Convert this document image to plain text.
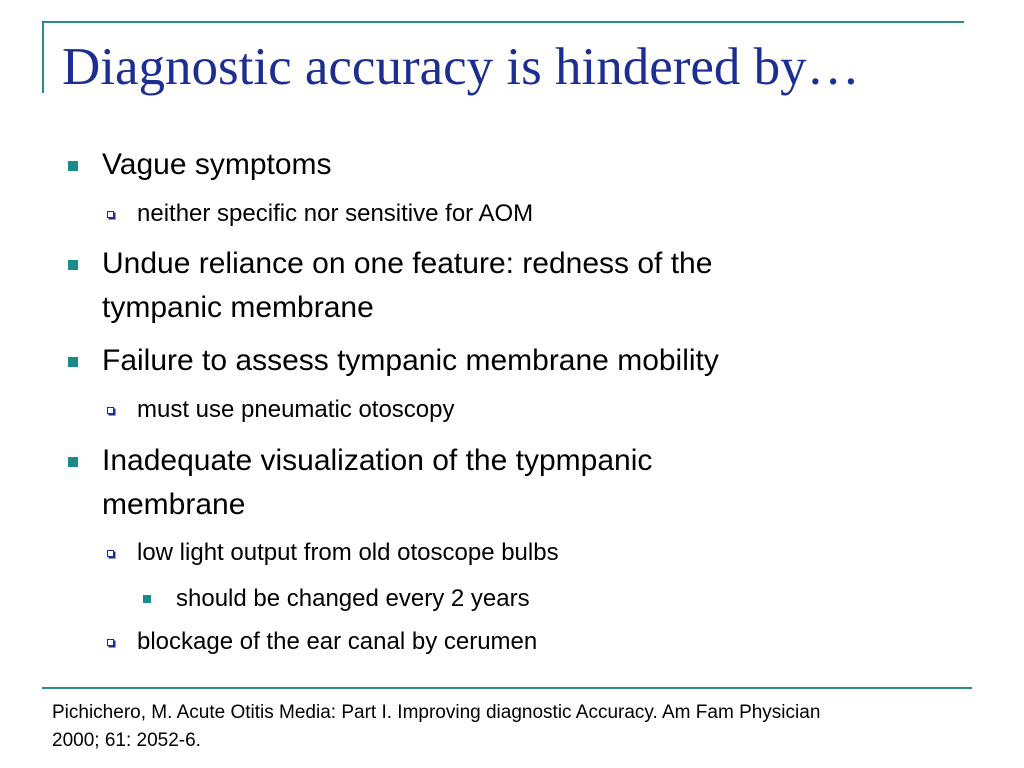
Diagnostic accuracy is hindered by…
Vague symptoms
neither specific nor sensitive for AOM
Undue reliance on one feature: redness of the
tympanic membrane
Failure to assess tympanic membrane mobility
must use pneumatic otoscopy
Inadequate visualization of the typmpanic
membrane
low light output from old otoscope bulbs
should be changed every 2 years
blockage of the ear canal by cerumen
Pichichero, M. Acute Otitis Media: Part I. Improving diagnostic Accuracy. Am Fam Physician
2000; 61: 2052-6.
